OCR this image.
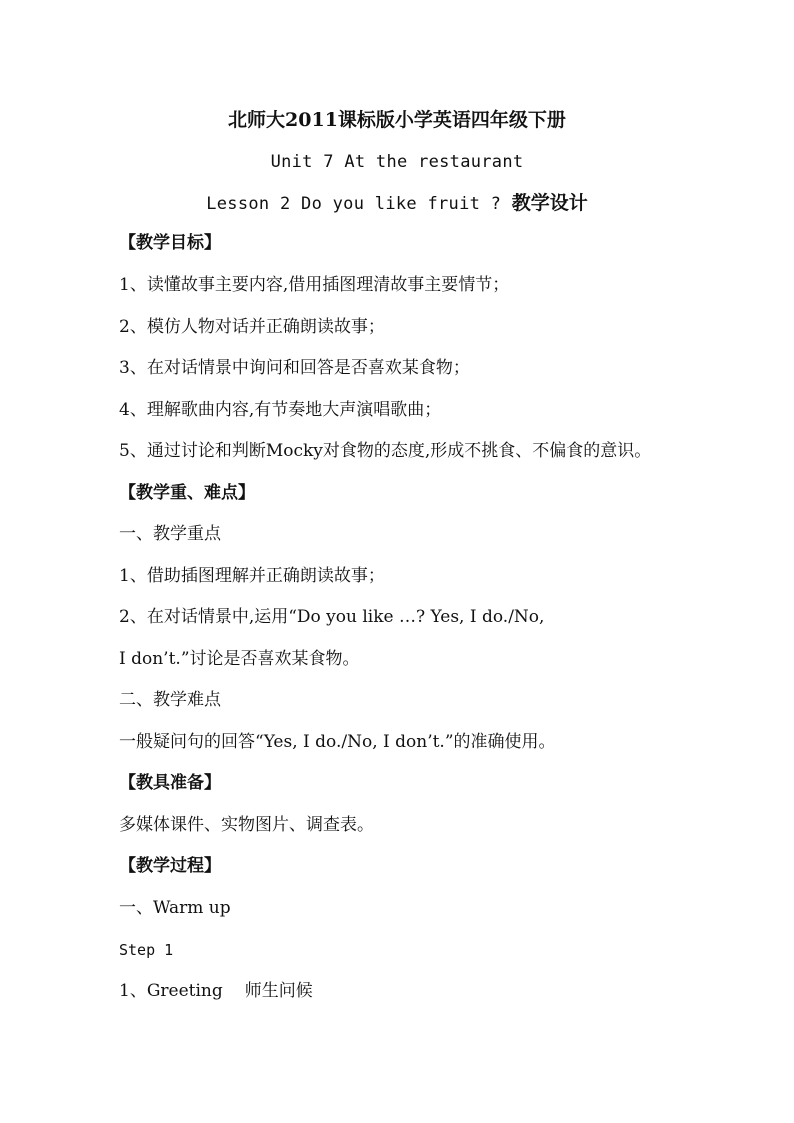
北师大2011课标版小学英语四年级下册
Unit 7 At the restaurant
Lesson 2 Do you like fruit ? 教学设计
【教学目标】
1、读懂故事主要内容,借用插图理清故事主要情节；
2、模仿人物对话并正确朗读故事；
3、在对话情景中询问和回答是否喜欢某食物；
4、理解歌曲内容,有节奏地大声演唱歌曲；
5、通过讨论和判断Mocky对食物的态度,形成不挑食、不偏食的意识。
【教学重、难点】
一、教学重点
1、借助插图理解并正确朗读故事；
2、在对话情景中,运用“Do you like …? Yes, I do./No,
I don’t.”讨论是否喜欢某食物。
二、教学难点
一般疑问句的回答“Yes, I do./No, I don’t.”的准确使用。
【教具准备】
多媒体课件、实物图片、调查表。
【教学过程】
一、Warm up
Step 1
1、Greeting 师生问候
